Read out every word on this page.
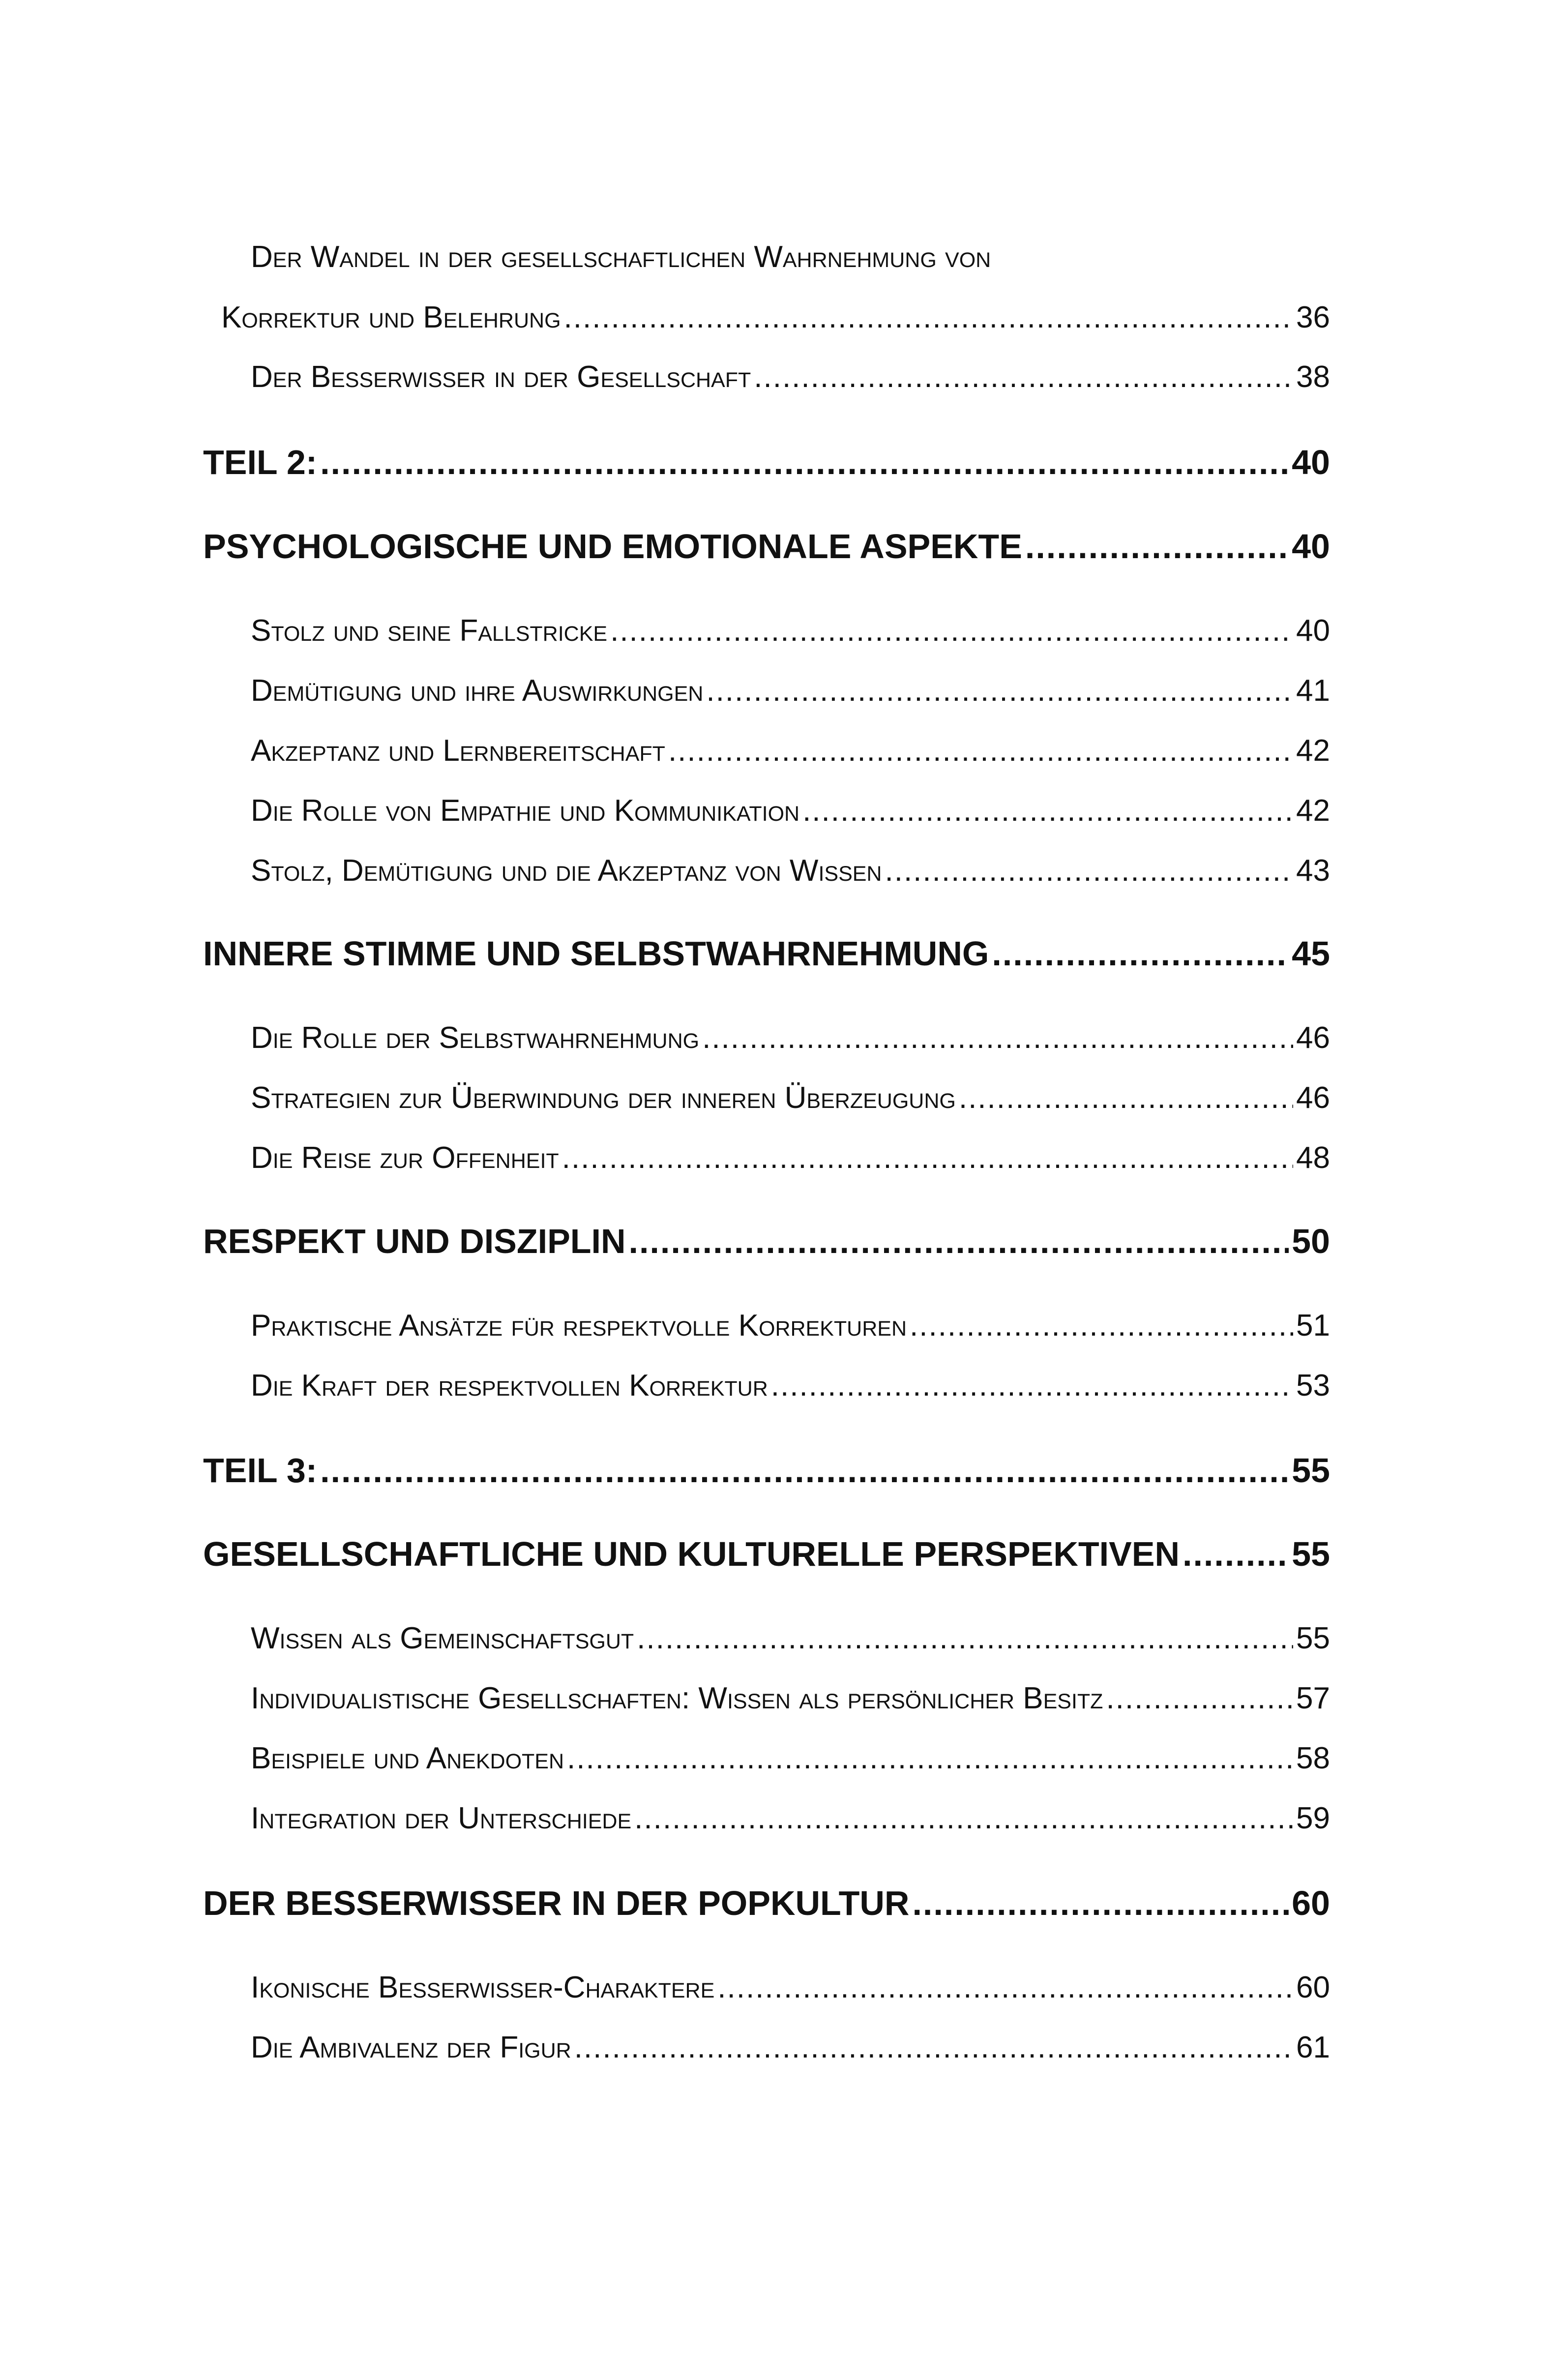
Der Wandel in der gesellschaftlichen Wahrnehmung von
Korrektur und Belehrung .....	36
Der Besserwisser in der Gesellschaft .....	38
TEIL 2: .....	40
PSYCHOLOGISCHE UND EMOTIONALE ASPEKTE .....	40
Stolz und seine Fallstricke .....	40
Demütigung und ihre Auswirkungen .....	41
Akzeptanz und Lernbereitschaft .....	42
Die Rolle von Empathie und Kommunikation .....	42
Stolz, Demütigung und die Akzeptanz von Wissen .....	43
INNERE STIMME UND SELBSTWAHRNEHMUNG .....	45
Die Rolle der Selbstwahrnehmung .....	46
Strategien zur Überwindung der inneren Überzeugung .....	46
Die Reise zur Offenheit .....	48
RESPEKT UND DISZIPLIN .....	50
Praktische Ansätze für respektvolle Korrekturen .....	51
Die Kraft der respektvollen Korrektur .....	53
TEIL 3: .....	55
GESELLSCHAFTLICHE UND KULTURELLE PERSPEKTIVEN .....	55
Wissen als Gemeinschaftsgut .....	55
Individualistische Gesellschaften: Wissen als persönlicher Besitz .....	57
Beispiele und Anekdoten .....	58
Integration der Unterschiede .....	59
DER BESSERWISSER IN DER POPKULTUR .....	60
Ikonische Besserwisser-Charaktere .....	60
Die Ambivalenz der Figur .....	61
